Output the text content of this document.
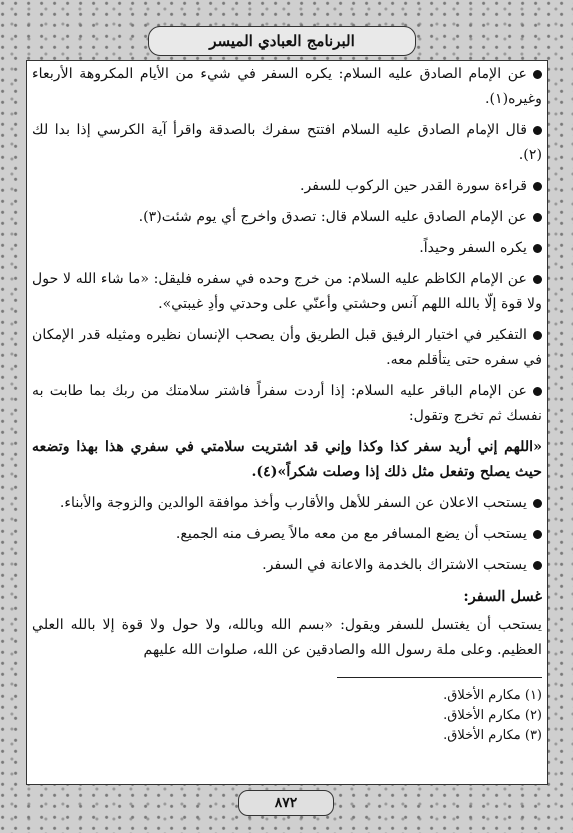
البرنامج العبادي الميسر

عن الإمام الصادق عليه السلام: يكره السفر في شيء من الأيام المكروهة الأربعاء وغيره(١).

قال الإمام الصادق عليه السلام افتتح سفرك بالصدقة واقرأ آية الكرسي إذا بدا لك (٢).

قراءة سورة القدر حين الركوب للسفر.

عن الإمام الصادق عليه السلام قال: تصدق واخرج أي يوم شئت(٣).

يكره السفر وحيداً.

عن الإمام الكاظم عليه السلام: من خرج وحده في سفره فليقل: «ما شاء الله لا حول ولا قوة إلّا بالله اللهم آنس وحشتي وأعنّي على وحدتي وأدِ غيبتي».

التفكير في اختيار الرفيق قبل الطريق وأن يصحب الإنسان نظيره ومثيله قدر الإمكان في سفره حتى يتأقلم معه.

عن الإمام الباقر عليه السلام: إذا أردت سفراً فاشتر سلامتك من ربك بما طابت به نفسك ثم تخرج وتقول:

«اللهم إني أريد سفر كذا وكذا وإني قد اشتريت سلامتي في سفري هذا بهذا وتضعه حيث يصلح وتفعل مثل ذلك إذا وصلت شكراً»(٤).

يستحب الاعلان عن السفر للأهل والأقارب وأخذ موافقة الوالدين والزوجة والأبناء.

يستحب أن يضع المسافر مع من معه مالاً يصرف منه الجميع.

يستحب الاشتراك بالخدمة والاعانة في السفر.

غسل السفر:

يستحب أن يغتسل للسفر ويقول: «بسم الله وبالله، ولا حول ولا قوة إلا بالله العلي العظيم. وعلى ملة رسول الله والصادقين عن الله، صلوات الله عليهم

(١) مكارم الأخلاق.

(٢) مكارم الأخلاق.

(٣) مكارم الأخلاق.

٨٧٢
